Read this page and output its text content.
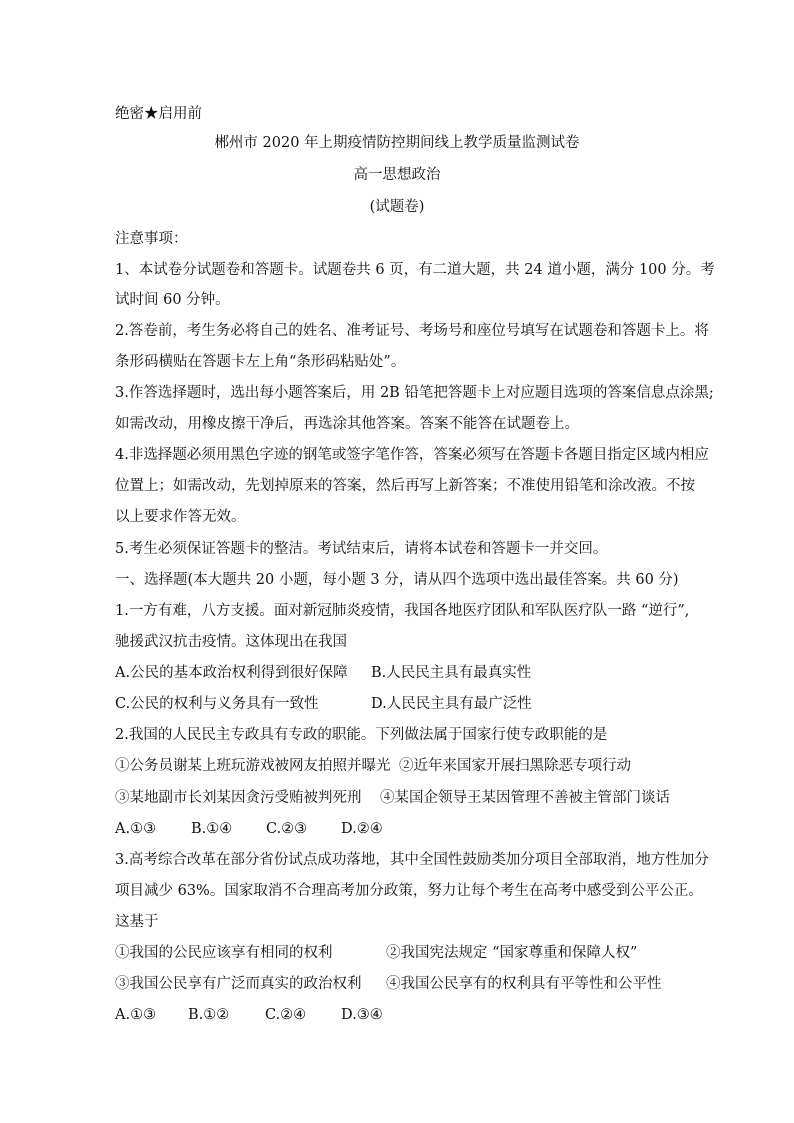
绝密★启用前
郴州市 2020 年上期疫情防控期间线上教学质量监测试卷
高一思想政治
(试题卷)
注意事项：
1、本试卷分试题卷和答题卡。试题卷共 6 页，有二道大题，共 24 道小题，满分 100 分。考
试时间 60 分钟。
2.答卷前，考生务必将自己的姓名、准考证号、考场号和座位号填写在试题卷和答题卡上。将
条形码横贴在答题卡左上角“条形码粘贴处”。
3.作答选择题时，选出每小题答案后，用 2B 铅笔把答题卡上对应题目选项的答案信息点涂黑;
如需改动，用橡皮擦干净后，再选涂其他答案。答案不能答在试题卷上。
4.非选择题必须用黑色字迹的钢笔或签字笔作答，答案必须写在答题卡各题目指定区域内相应
位置上；如需改动，先划掉原来的答案，然后再写上新答案；不准使用铅笔和涂改液。不按
以上要求作答无效。
5.考生必须保证答题卡的整洁。考试结束后，请将本试卷和答题卡一并交回。
一、选择题(本大题共 20 小题，每小题 3 分，请从四个选项中选出最佳答案。共 60 分)
1.一方有难，八方支援。面对新冠肺炎疫情，我国各地医疗团队和军队医疗队一路 “逆行”,
驰援武汉抗击疫情。这体现出在我国
A.公民的基本政治权利得到很好保障 B.人民民主具有最真实性
C.公民的权利与义务具有一致性	D.人民民主具有最广泛性
2.我国的人民民主专政具有专政的职能。下列做法属于国家行使专政职能的是
①公务员谢某上班玩游戏被网友拍照并曝光 ②近年来国家开展扫黑除恶专项行动
③某地副市长刘某因贪污受贿被判死刑 ④某国企领导王某因管理不善被主管部门谈话
A.①③ B.①④ C.②③ D.②④
3.高考综合改革在部分省份试点成功落地，其中全国性鼓励类加分项目全部取消，地方性加分
项目减少 63%。国家取消不合理高考加分政策，努力让每个考生在高考中感受到公平公正。
这基于
①我国的公民应该享有相同的权利	②我国宪法规定 “国家尊重和保障人权”
③我国公民享有广泛而真实的政治权利 ④我国公民享有的权利具有平等性和公平性
A.①③ B.①② C.②④ D.③④
